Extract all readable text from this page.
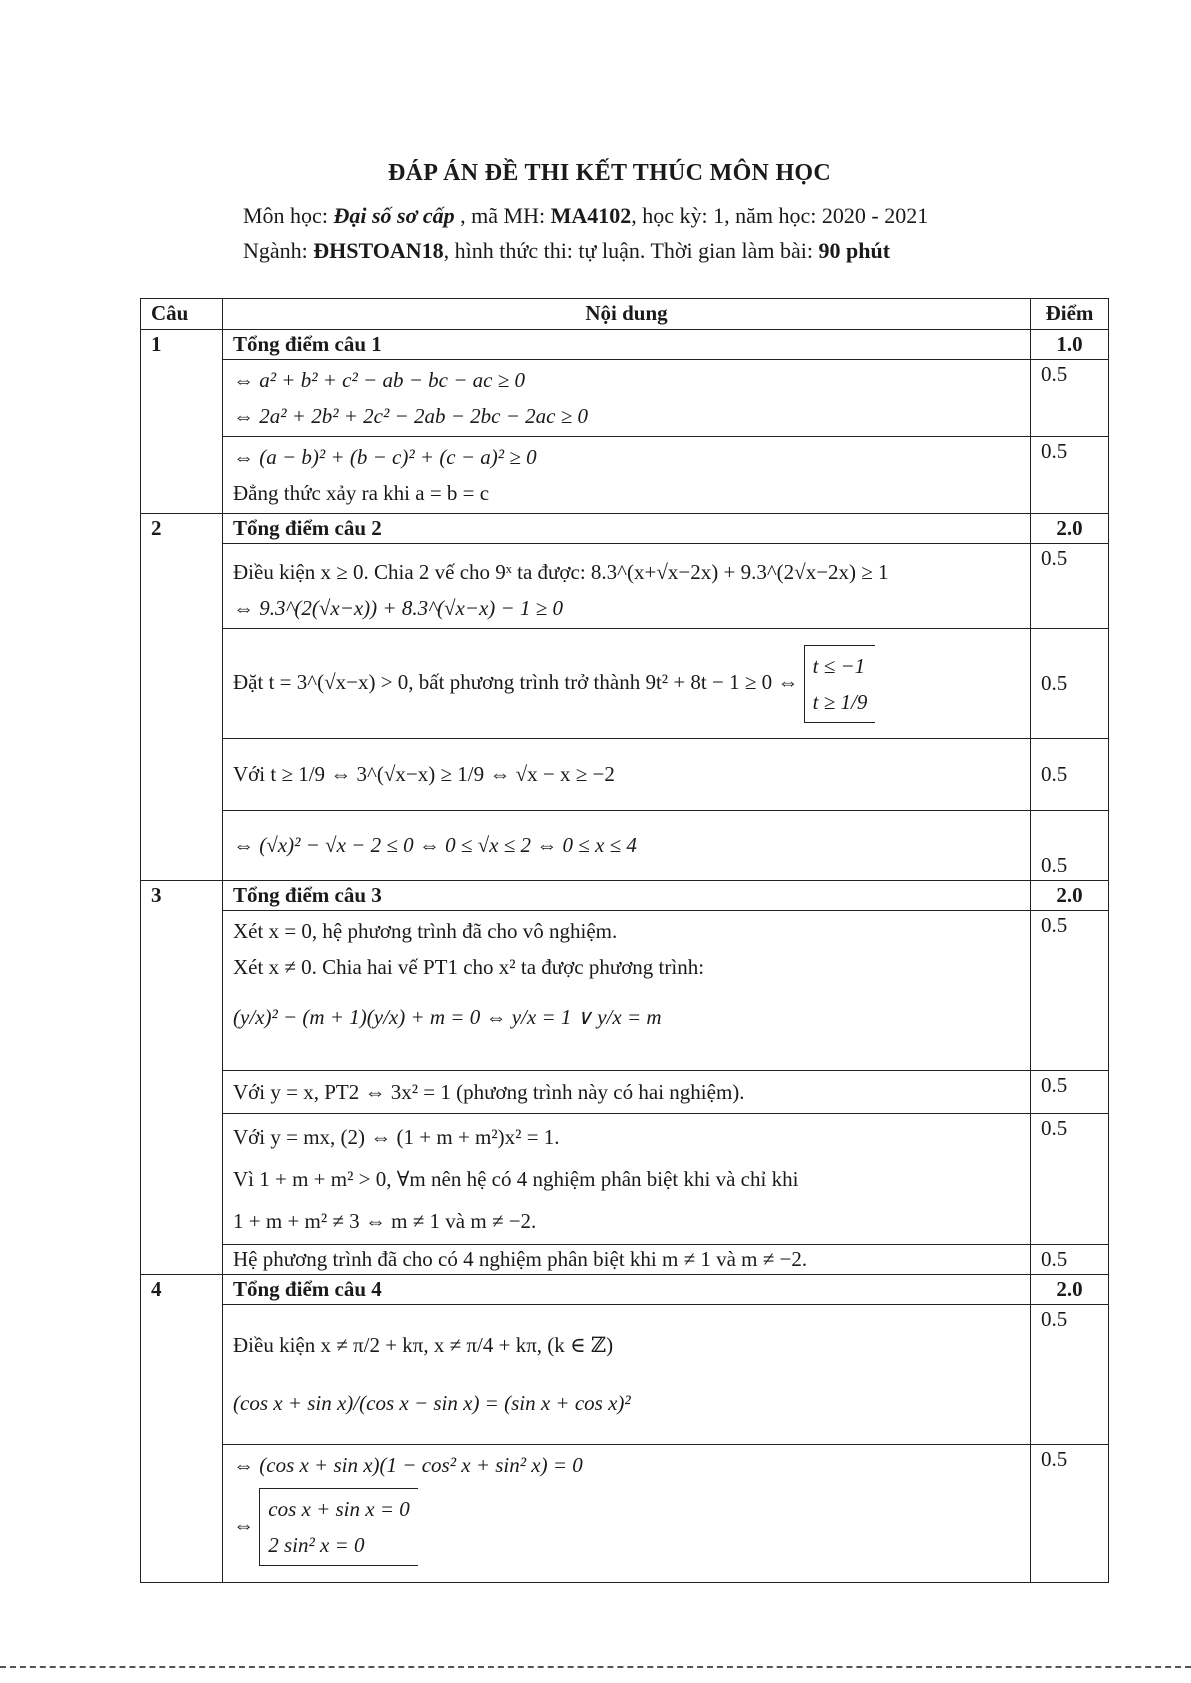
ĐÁP ÁN ĐỀ THI KẾT THÚC MÔN HỌC
Môn học: Đại số sơ cấp , mã MH: MA4102, học kỳ: 1, năm học: 2020 - 2021
Ngành: ĐHSTOAN18, hình thức thi: tự luận. Thời gian làm bài: 90 phút
Câu	Nội dung	Điểm
1	Tổng điểm câu 1	1.0

	⇔ a² + b² + c² − ab − bc − ac ≥ 0
⇔ 2a² + 2b² + 2c² − 2ab − 2bc − 2ac ≥ 0	0.5

	⇔ (a − b)² + (b − c)² + (c − a)² ≥ 0
Đẳng thức xảy ra khi a = b = c	0.5
2	Tổng điểm câu 2	2.0

	Điều kiện x ≥ 0. Chia 2 vế cho 9ˣ ta được: 8.3^(x+√x−2x) + 9.3^(2√x−2x) ≥ 1
⇔ 9.3^(2(√x−x)) + 8.3^(√x−x) − 1 ≥ 0	0.5
	Đặt t = 3^(√x−x) > 0, bất phương trình trở thành 9t² + 8t − 1 ≥ 0 ⇔
t ≤ −1
t ≥ 1/9	0.5
	Với t ≥ 1/9 ⇔ 3^(√x−x) ≥ 1/9 ⇔ √x − x ≥ −2	0.5
	⇔ (√x)² − √x − 2 ≤ 0 ⇔ 0 ≤ √x ≤ 2 ⇔ 0 ≤ x ≤ 4	0.5
3	Tổng điểm câu 3	2.0

	Xét x = 0, hệ phương trình đã cho vô nghiệm.
Xét x ≠ 0. Chia hai vế PT1 cho x² ta được phương trình:
(y/x)² − (m + 1)(y/x) + m = 0 ⇔ y/x = 1 ∨ y/x = m	0.5
	Với y = x, PT2 ⇔ 3x² = 1 (phương trình này có hai nghiệm).	0.5

	Với y = mx, (2) ⇔ (1 + m + m²)x² = 1.
Vì 1 + m + m² > 0, ∀m nên hệ có 4 nghiệm phân biệt khi và chỉ khi
1 + m + m² ≠ 3 ⇔ m ≠ 1 và m ≠ −2.	0.5
	Hệ phương trình đã cho có 4 nghiệm phân biệt khi m ≠ 1 và m ≠ −2.	0.5
4	Tổng điểm câu 4	2.0

	Điều kiện x ≠ π/2 + kπ, x ≠ π/4 + kπ, (k ∈ ℤ)
(cos x + sin x)/(cos x − sin x) = (sin x + cos x)²	0.5

	⇔ (cos x + sin x)(1 − cos² x + sin² x) = 0
⇔
cos x + sin x = 0
2 sin² x = 0	0.5
